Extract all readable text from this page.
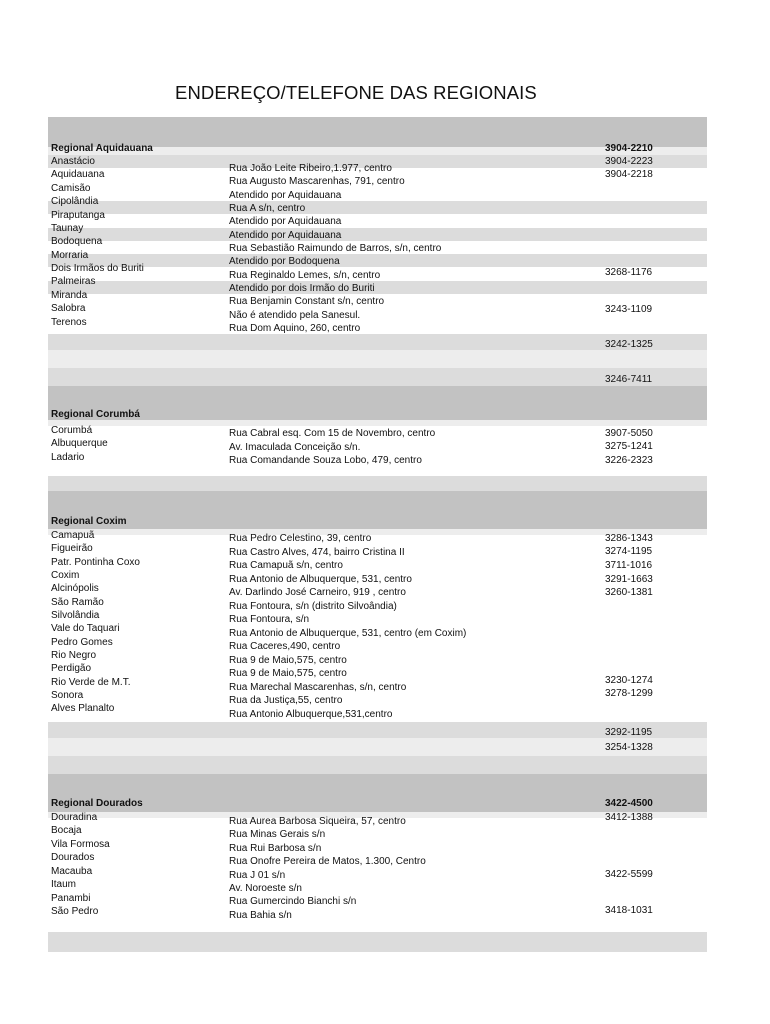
ENDEREÇO/TELEFONE DAS REGIONAIS
Regional Aquidauana	3904-2210
Anastácio
Aquidauana
Camisão
Cipolândia
Piraputanga
Taunay
Bodoquena
Morraria
Dois Irmãos do Buriti
Palmeiras
Miranda
Salobra
Terenos
Rua João Leite Ribeiro,1.977, centro
Rua Augusto Mascarenhas, 791, centro
Atendido por Aquidauana
Rua A s/n, centro
Atendido por Aquidauana
Atendido por Aquidauana
Rua Sebastião Raimundo de Barros, s/n, centro
Atendido por Bodoquena
Rua Reginaldo Lemes, s/n, centro
Atendido por dois Irmão do Buriti
Rua Benjamin Constant s/n, centro
Não é atendido pela Sanesul.
Rua Dom Aquino, 260, centro
3904-2223
3904-2218
3268-1176
3243-1109
3242-1325
3246-7411
Regional Corumbá
Corumbá
Albuquerque
Ladario
Rua Cabral esq. Com 15 de Novembro, centro
Av. Imaculada Conceição s/n.
Rua Comandande Souza Lobo, 479, centro
3907-5050
3275-1241
3226-2323
Regional Coxim
Camapuã
Figueirão
Patr. Pontinha Coxo
Coxim
Alcinópolis
São Ramão
Silvolândia
Vale do Taquari
Pedro Gomes
Rio Negro
Perdigão
Rio Verde de M.T.
Sonora
Alves Planalto
Rua Pedro Celestino, 39, centro
Rua Castro Alves, 474, bairro Cristina II
Rua Camapuã s/n, centro
Rua Antonio de Albuquerque, 531, centro
Av. Darlindo José Carneiro, 919 , centro
Rua Fontoura, s/n (distrito Silvoândia)
Rua Fontoura, s/n
Rua Antonio de Albuquerque, 531, centro (em Coxim)
Rua Caceres,490, centro
Rua 9 de Maio,575, centro
Rua 9 de Maio,575, centro
Rua Marechal Mascarenhas, s/n, centro
Rua da Justiça,55, centro
Rua Antonio Albuquerque,531,centro
3286-1343
3274-1195
3711-1016
3291-1663
3260-1381
3230-1274
3278-1299
3292-1195
3254-1328
Regional Dourados	3422-4500
Douradina
Bocaja
Vila Formosa
Dourados
Macauba
Itaum
Panambi
São Pedro
Rua Aurea Barbosa Siqueira, 57, centro
Rua Minas Gerais s/n
Rua Rui Barbosa s/n
Rua Onofre Pereira de Matos, 1.300, Centro
Rua J 01 s/n
Av. Noroeste s/n
Rua Gumercindo Bianchi s/n
Rua Bahia s/n
3412-1388
3422-5599
3418-1031
